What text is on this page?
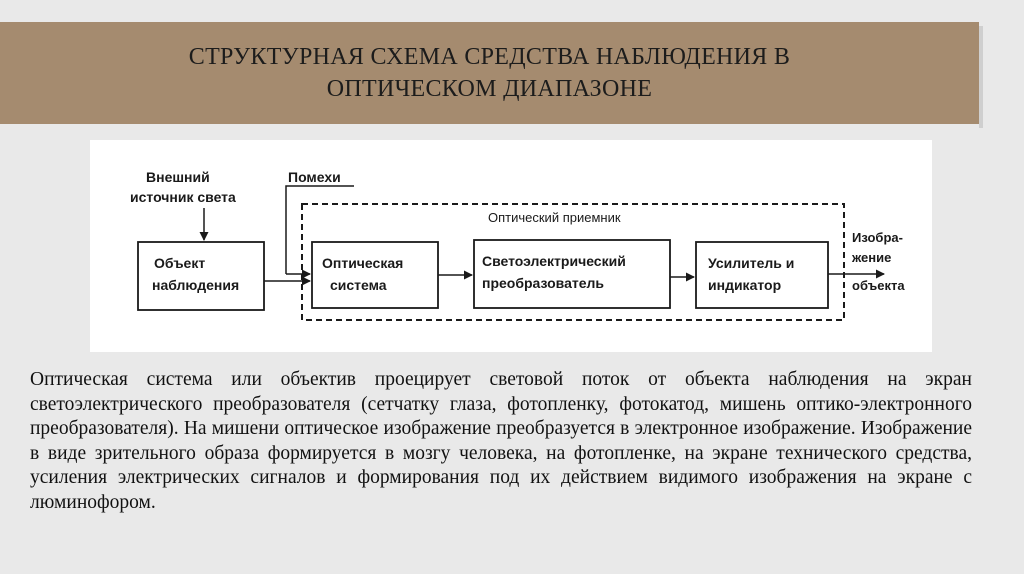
СТРУКТУРНАЯ СХЕМА СРЕДСТВА НАБЛЮДЕНИЯ В
ОПТИЧЕСКОМ ДИАПАЗОНЕ
Внешний
источник света
Помехи
Оптический приемник
Объект
наблюдения
Оптическая
система
Светоэлектрический
преобразователь
Усилитель и
индикатор
Изобра-
жение
объекта
Оптическая система или объектив проецирует световой поток от объекта наблюдения на экран светоэлектрического преобразователя (сетчатку глаза, фотопленку, фотокатод, мишень оптико-электронного преобразователя). На мишени оптическое изображение преобразуется в электронное изображение. Изображение в виде зрительного образа формируется в мозгу человека, на фотопленке, на экране технического средства, усиления электрических сигналов и формирования под их действием видимого изображения на экране с люминофором.
